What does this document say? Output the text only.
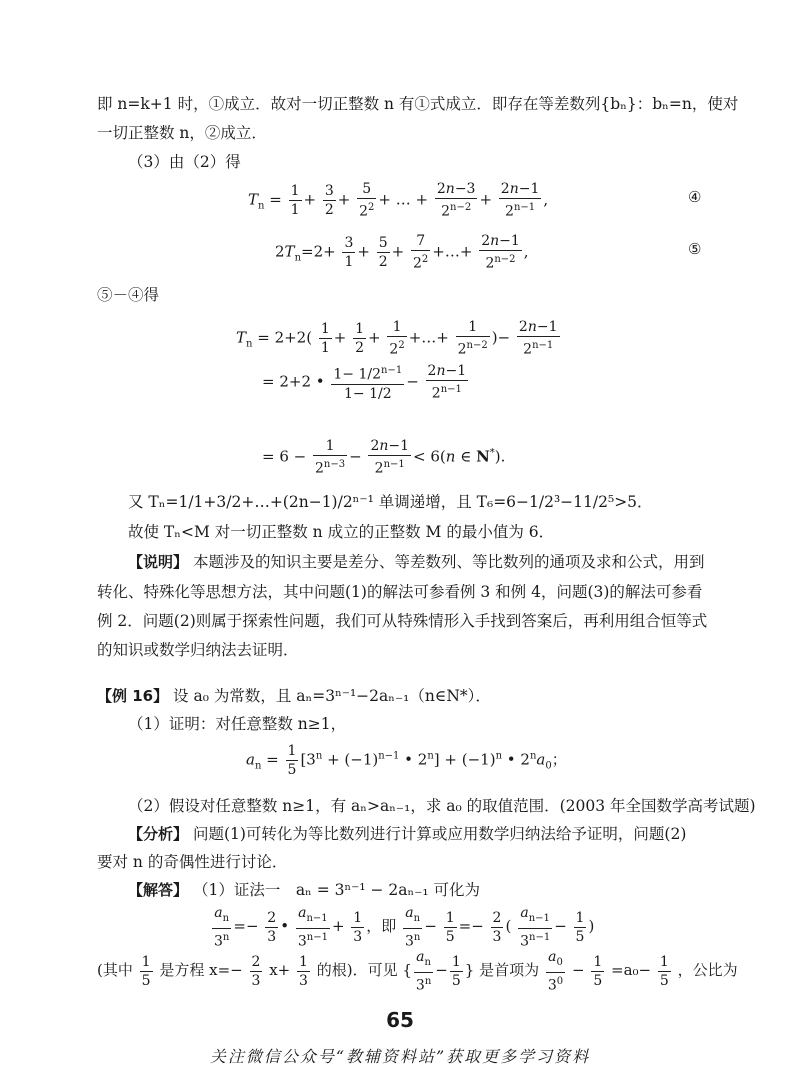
即 n=k+1 时，①成立．故对一切正整数 n 有①式成立．即存在等差数列{bₙ}：bₙ=n，使对
一切正整数 n，②成立．
（3）由（2）得
$T_n = \frac{1}{1} + \frac{3}{2} + \frac{5}{2^2}$ + … + $\frac{2n-3}{2^{n-2}} + \frac{2n-1}{2^{n-1}}$ ,	④
$2T_n=2+ \frac{3}{1} + \frac{5}{2} + \frac{7}{2^2}$ +…+ $\frac{2n-1}{2^{n-2}}$ ,	⑤
⑤－④得
$T_n = 2+2( \frac{1}{1} + \frac{1}{2} + \frac{1}{2^2}$ +…+ $\frac{1}{2^{n-2}}$ )− $\frac{2n-1}{2^{n-1}}$
= 2+2 • $\frac{1- 1/2^{n-1}}{1- 1/2} - \frac{2n-1}{2^{n-1}}$
= $6 - \frac{1}{2^{n-3}} - \frac{2n-1}{2^{n-1}} < 6(n$ ∈ N*).
又 Tₙ=1/1+3/2+…+(2n−1)/2ⁿ⁻¹ 单调递增，且 T₆=6−1/2³−11/2⁵>5．
故使 Tₙ<M 对一切正整数 n 成立的正整数 M 的最小值为 6．
【说明】 本题涉及的知识主要是差分、等差数列、等比数列的通项及求和公式，用到
转化、特殊化等思想方法，其中问题(1)的解法可参看例 3 和例 4，问题(3)的解法可参看
例 2．问题(2)则属于探索性问题，我们可从特殊情形入手找到答案后，再利用组合恒等式
的知识或数学归纳法去证明．
【例 16】 设 a₀ 为常数，且 aₙ=3ⁿ⁻¹−2aₙ₋₁（n∈N*）．
（1）证明：对任意整数 n≥1，
$a_n = \frac{1}{5} [3^n + (-1)^{n-1}$ • $2^n] + (-1)^n$ • $2^na_0$；
（2）假设对任意整数 n≥1，有 aₙ>aₙ₋₁，求 a₀ 的取值范围．(2003 年全国数学高考试题)
【分析】 问题(1)可转化为等比数列进行计算或应用数学归纳法给予证明，问题(2)
要对 n 的奇偶性进行讨论．
【解答】 （1）证法一　aₙ = 3ⁿ⁻¹ − 2aₙ₋₁ 可化为
$\frac{a_n}{3^n} =- \frac{2}{3}$ • $\frac{a_{n-1}}{3^{n-1}} + \frac{1}{3}$ ，即 $\frac{a_n}{3^n} - \frac{1}{5} =- \frac{2}{3}$ ( $\frac{a_{n-1}}{3^{n-1}} - \frac{1}{5}$ )
(其中 $\frac{1}{5}$ 是方程 $x=- \frac{2}{3} x+ \frac{1}{3}$ 的根)．可见 { $\frac{a_n}{3^n} - \frac{1}{5}$ } 是首项为 $\frac{a_0}{3^0} - \frac{1}{5} =a_0- \frac{1}{5}$ ，公比为
65
关注微信公众号“教辅资料站”获取更多学习资料
